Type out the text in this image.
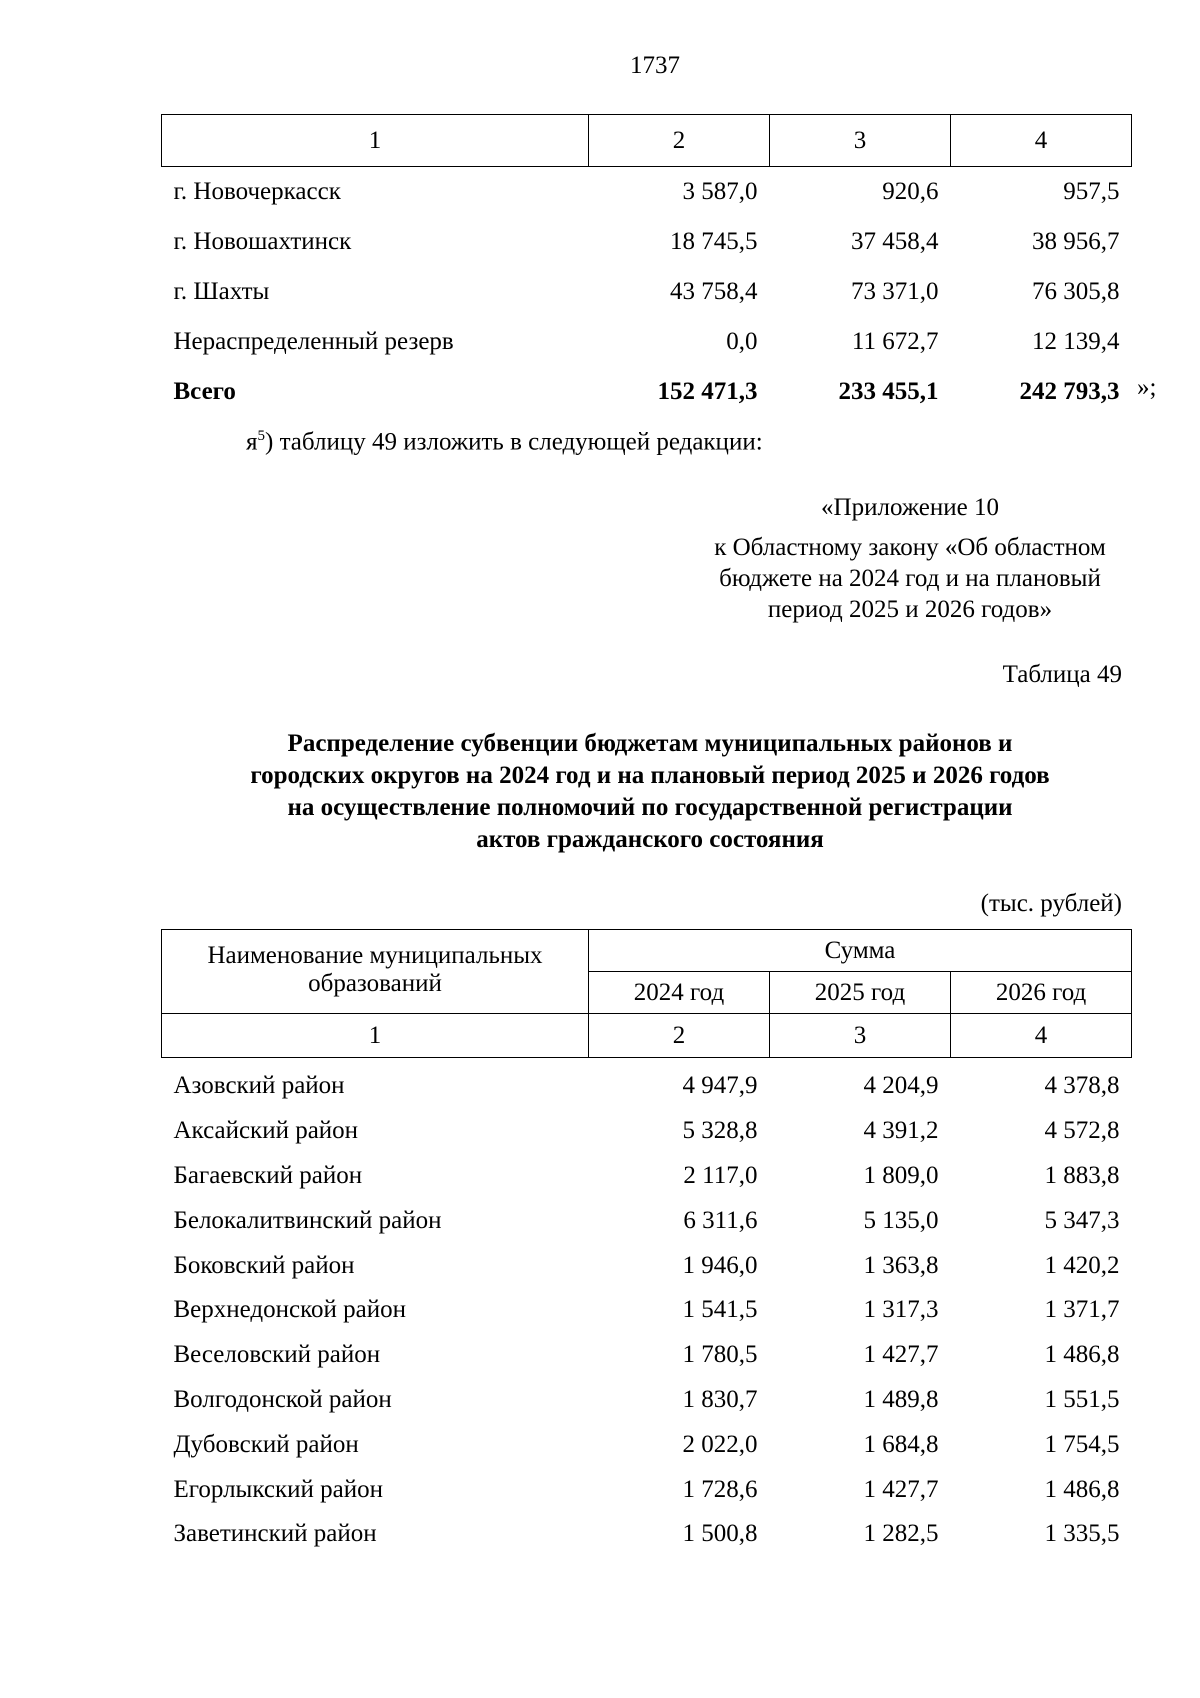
1737
1	2	3	4
г. Новочеркасск	3 587,0	920,6	957,5
г. Новошахтинск	18 745,5	37 458,4	38 956,7
г. Шахты	43 758,4	73 371,0	76 305,8
Нераспределенный резерв	0,0	11 672,7	12 139,4
Всего	152 471,3	233 455,1	242 793,3 »;
$я^5$) таблицу 49 изложить в следующей редакции:
«Приложение 10
к Областному закону «Об областном
бюджете на 2024 год и на плановый
период 2025 и 2026 годов»
Таблица 49
Распределение субвенции бюджетам муниципальных районов и
городских округов на 2024 год и на плановый период 2025 и 2026 годов
на осуществление полномочий по государственной регистрации
актов гражданского состояния
(тыс. рублей)
Наименование муниципальных образований	Сумма		
	2024 год	2025 год	2026 год
1	2	3	4
Азовский район	4 947,9	4 204,9	4 378,8
Аксайский район	5 328,8	4 391,2	4 572,8
Багаевский район	2 117,0	1 809,0	1 883,8
Белокалитвинский район	6 311,6	5 135,0	5 347,3
Боковский район	1 946,0	1 363,8	1 420,2
Верхнедонской район	1 541,5	1 317,3	1 371,7
Веселовский район	1 780,5	1 427,7	1 486,8
Волгодонской район	1 830,7	1 489,8	1 551,5
Дубовский район	2 022,0	1 684,8	1 754,5
Егорлыкский район	1 728,6	1 427,7	1 486,8
Заветинский район	1 500,8	1 282,5	1 335,5
